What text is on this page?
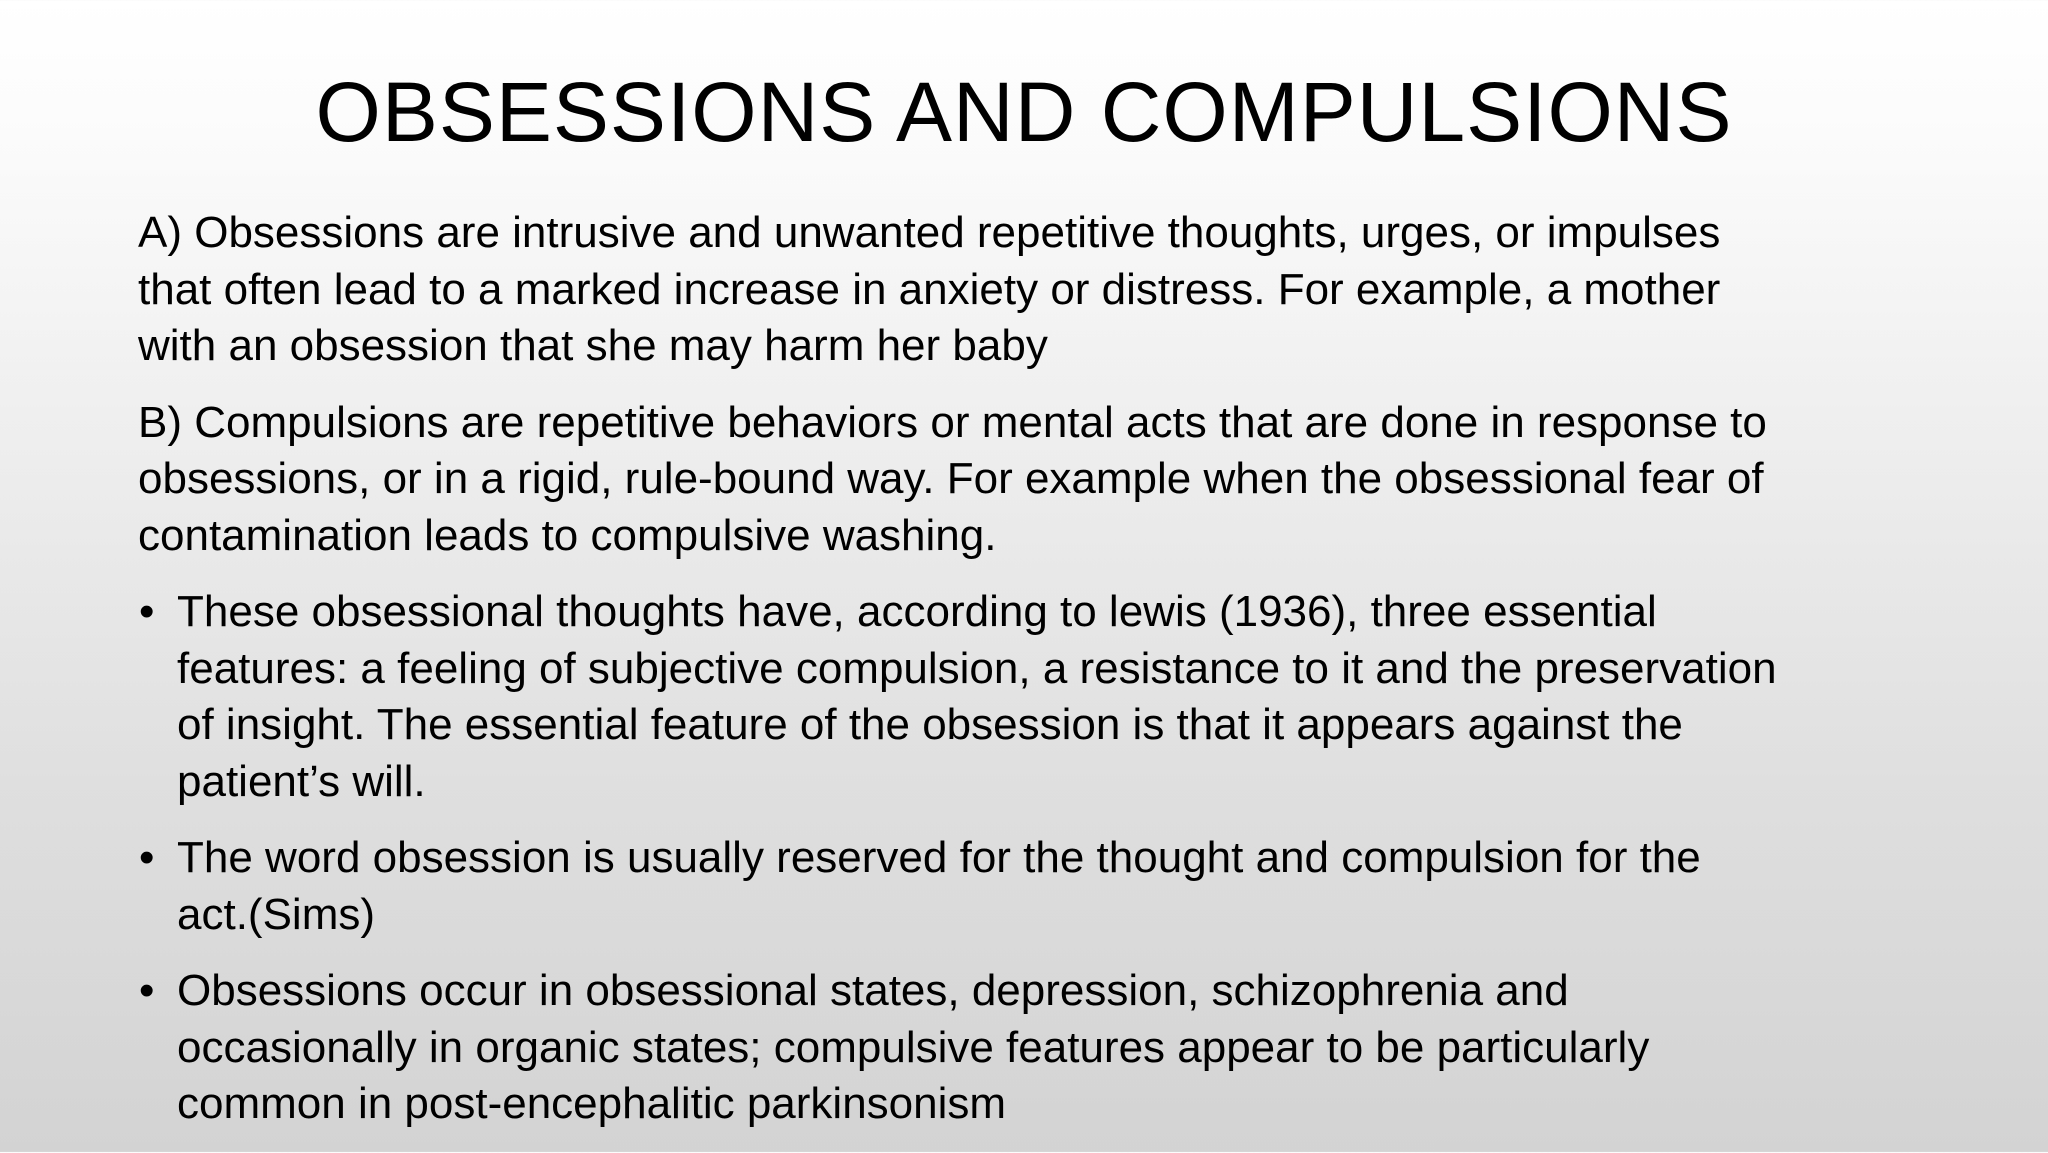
OBSESSIONS AND COMPULSIONS

A) Obsessions are intrusive and unwanted repetitive thoughts, urges, or impulses
that often lead to a marked increase in anxiety or distress. For example, a mother
with an obsession that she may harm her baby

B) Compulsions are repetitive behaviors or mental acts that are done in response to
obsessions, or in a rigid, rule-bound way. For example when the obsessional fear of
contamination leads to compulsive washing.

• These obsessional thoughts have, according to lewis (1936), three essential
features: a feeling of subjective compulsion, a resistance to it and the preservation
of insight. The essential feature of the obsession is that it appears against the
patient’s will.
• The word obsession is usually reserved for the thought and compulsion for the
act.(Sims)
• Obsessions occur in obsessional states, depression, schizophrenia and
occasionally in organic states; compulsive features appear to be particularly
common in post-encephalitic parkinsonism
